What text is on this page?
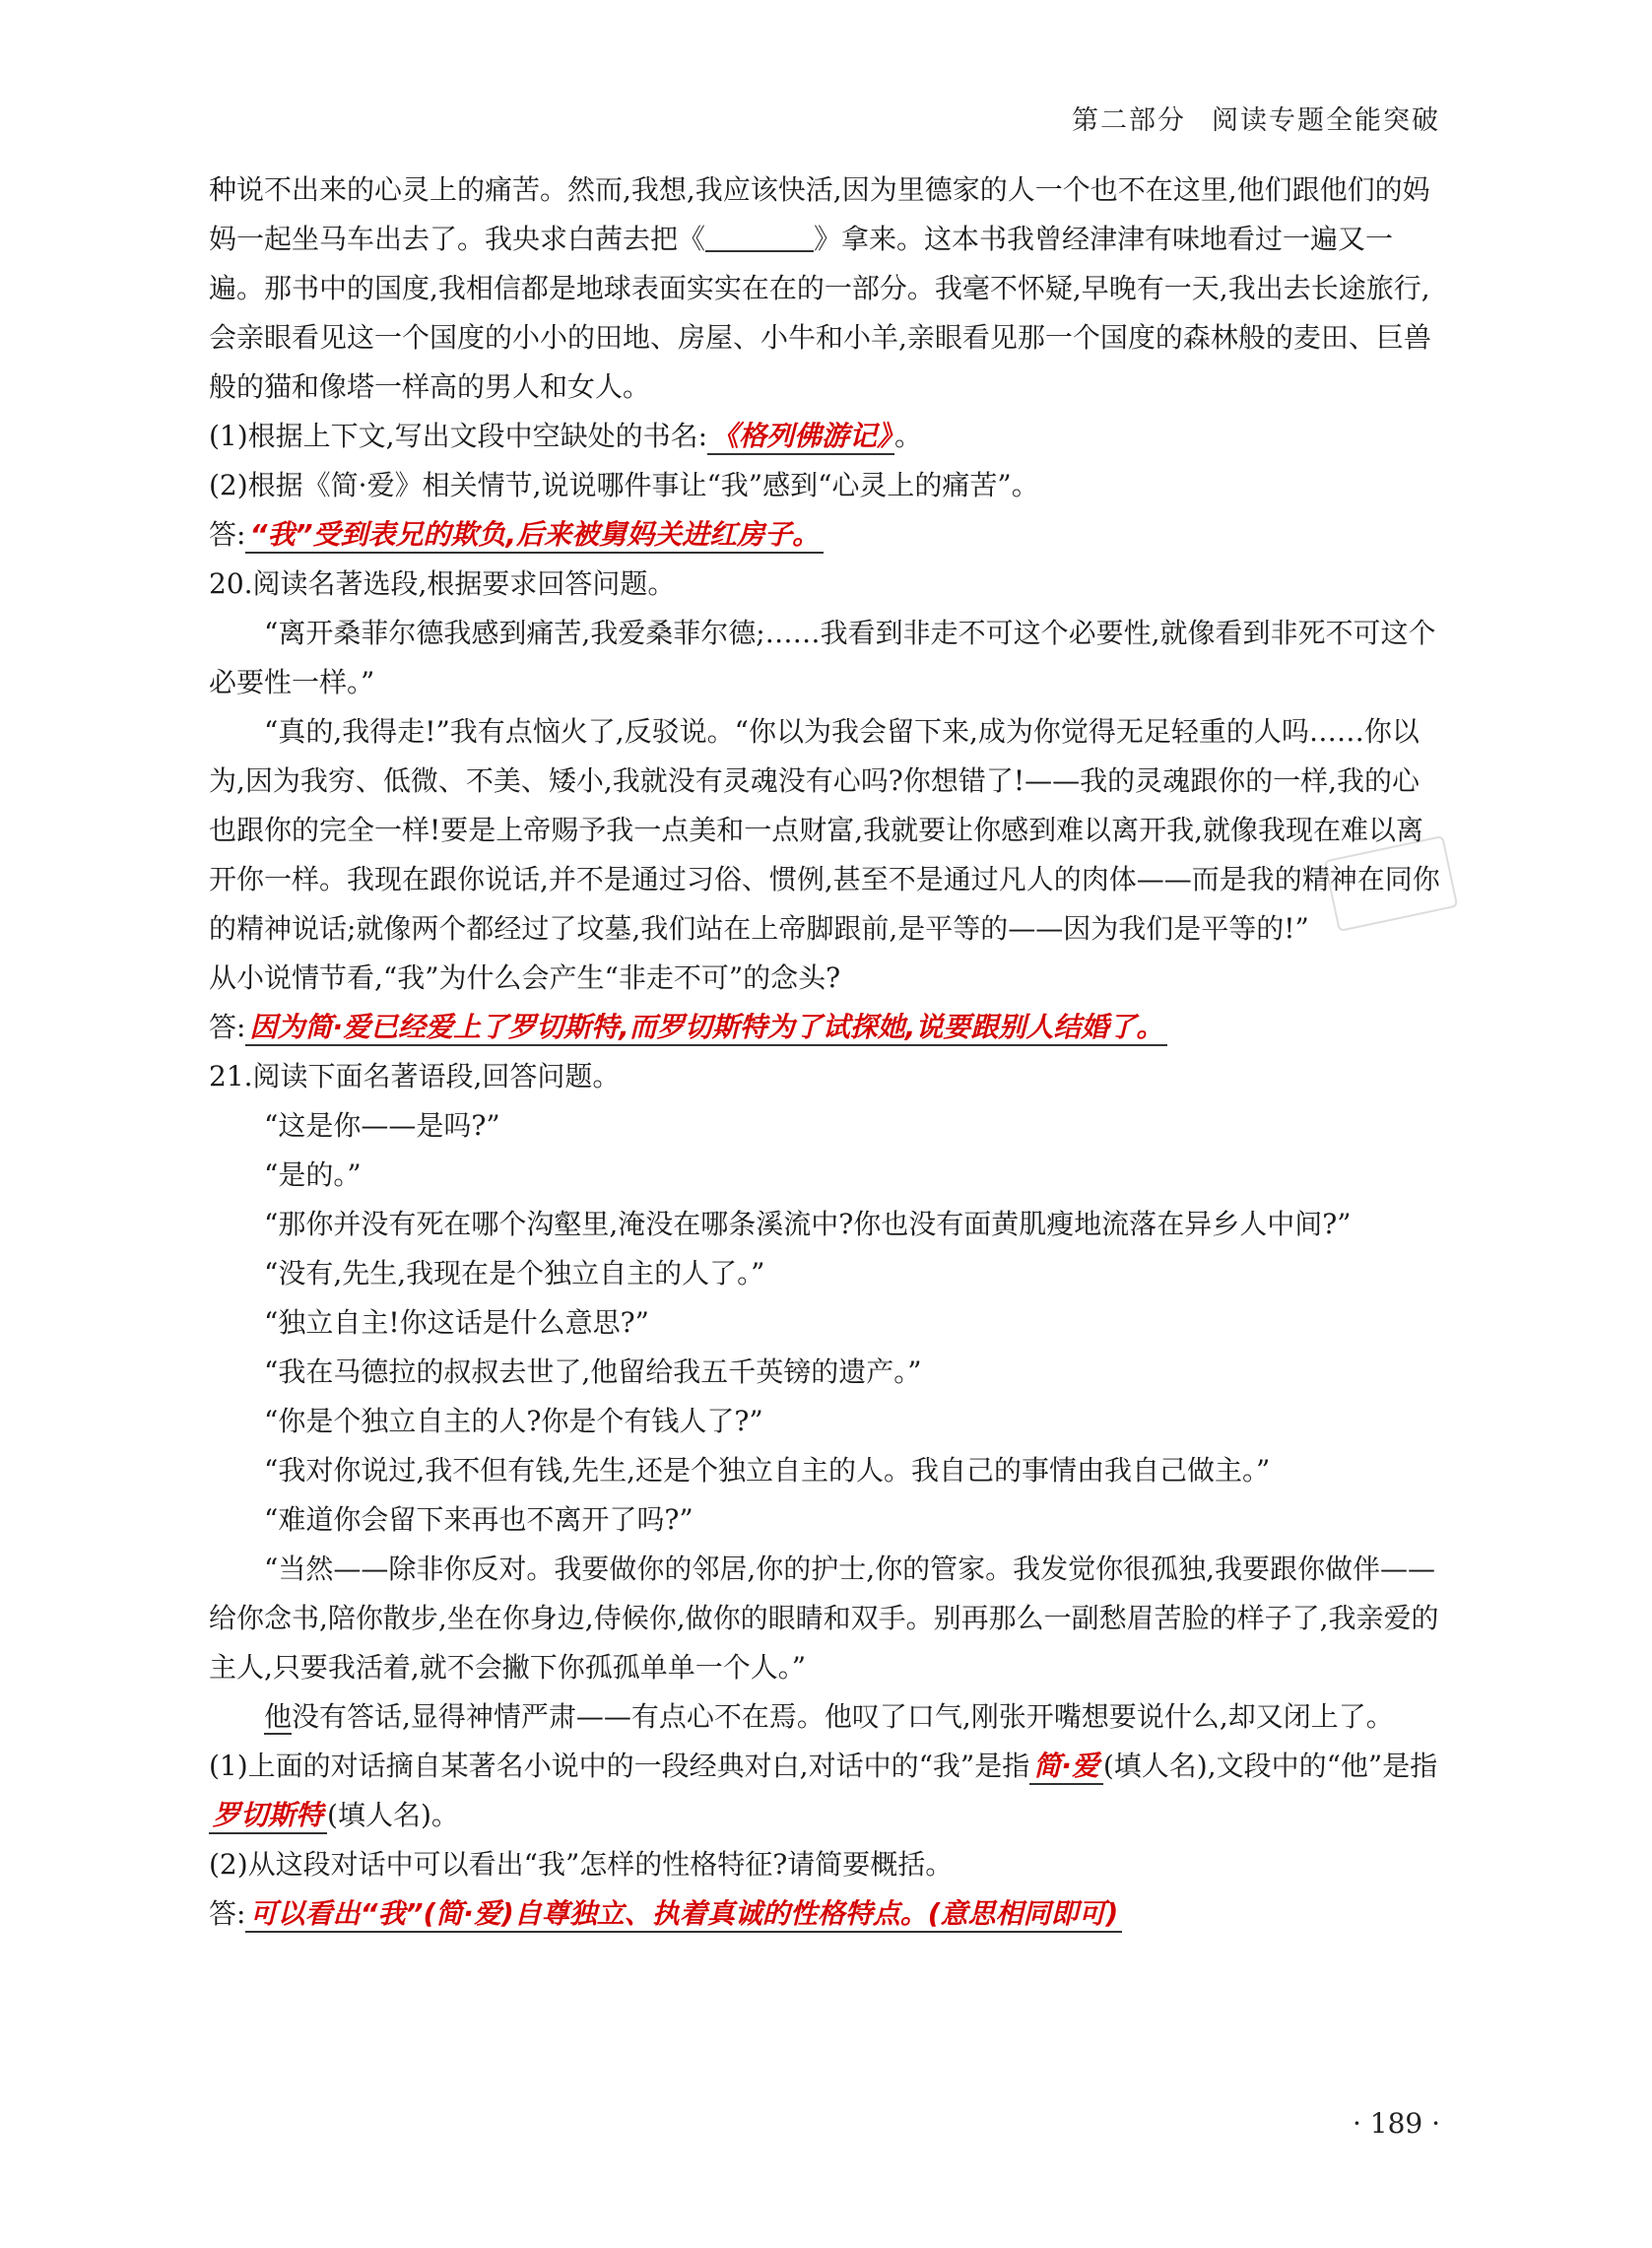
第二部分 阅读专题全能突破

种说不出来的心灵上的痛苦。然而,我想,我应该快活,因为里德家的人一个也不在这里,他们跟他们的妈妈一起坐马车出去了。我央求白茜去把《	》拿来。这本书我曾经津津有味地看过一遍又一遍。那书中的国度,我相信都是地球表面实实在在的一部分。我毫不怀疑,早晚有一天,我出去长途旅行,会亲眼看见这一个国度的小小的田地、房屋、小牛和小羊,亲眼看见那一个国度的森林般的麦田、巨兽般的猫和像塔一样高的男人和女人。

(1)根据上下文,写出文段中空缺处的书名: 《格列佛游记》 。

(2)根据《简·爱》相关情节,说说哪件事让“我”感到“心灵上的痛苦”。

答: “我”受到表兄的欺负,后来被舅妈关进红房子。

20.阅读名著选段,根据要求回答问题。

“离开桑菲尔德我感到痛苦,我爱桑菲尔德;……我看到非走不可这个必要性,就像看到非死不可这个必要性一样。”

“真的,我得走!”我有点恼火了,反驳说。“你以为我会留下来,成为你觉得无足轻重的人吗……你以为,因为我穷、低微、不美、矮小,我就没有灵魂没有心吗?你想错了!——我的灵魂跟你的一样,我的心也跟你的完全一样!要是上帝赐予我一点美和一点财富,我就要让你感到难以离开我,就像我现在难以离开你一样。我现在跟你说话,并不是通过习俗、惯例,甚至不是通过凡人的肉体——而是我的精神在同你的精神说话;就像两个都经过了坟墓,我们站在上帝脚跟前,是平等的——因为我们是平等的!”

从小说情节看,“我”为什么会产生“非走不可”的念头?

答: 因为简·爱已经爱上了罗切斯特,而罗切斯特为了试探她,说要跟别人结婚了。

21.阅读下面名著语段,回答问题。

“这是你——是吗?”

“是的。”

“那你并没有死在哪个沟壑里,淹没在哪条溪流中?你也没有面黄肌瘦地流落在异乡人中间?”

“没有,先生,我现在是个独立自主的人了。”

“独立自主!你这话是什么意思?”

“我在马德拉的叔叔去世了,他留给我五千英镑的遗产。”

“你是个独立自主的人?你是个有钱人了?”

“我对你说过,我不但有钱,先生,还是个独立自主的人。我自己的事情由我自己做主。”

“难道你会留下来再也不离开了吗?”

“当然——除非你反对。我要做你的邻居,你的护士,你的管家。我发觉你很孤独,我要跟你做伴——给你念书,陪你散步,坐在你身边,侍候你,做你的眼睛和双手。别再那么一副愁眉苦脸的样子了,我亲爱的主人,只要我活着,就不会撇下你孤孤单单一个人。”

他没有答话,显得神情严肃——有点心不在焉。他叹了口气,刚张开嘴想要说什么,却又闭上了。

(1)上面的对话摘自某著名小说中的一段经典对白,对话中的“我”是指 简·爱 (填人名),文段中的“他”是指罗切斯特 (填人名)。

(2)从这段对话中可以看出“我”怎样的性格特征?请简要概括。

答: 可以看出“我”(简·爱)自尊独立、执着真诚的性格特点。(意思相同即可)

· 189 ·
